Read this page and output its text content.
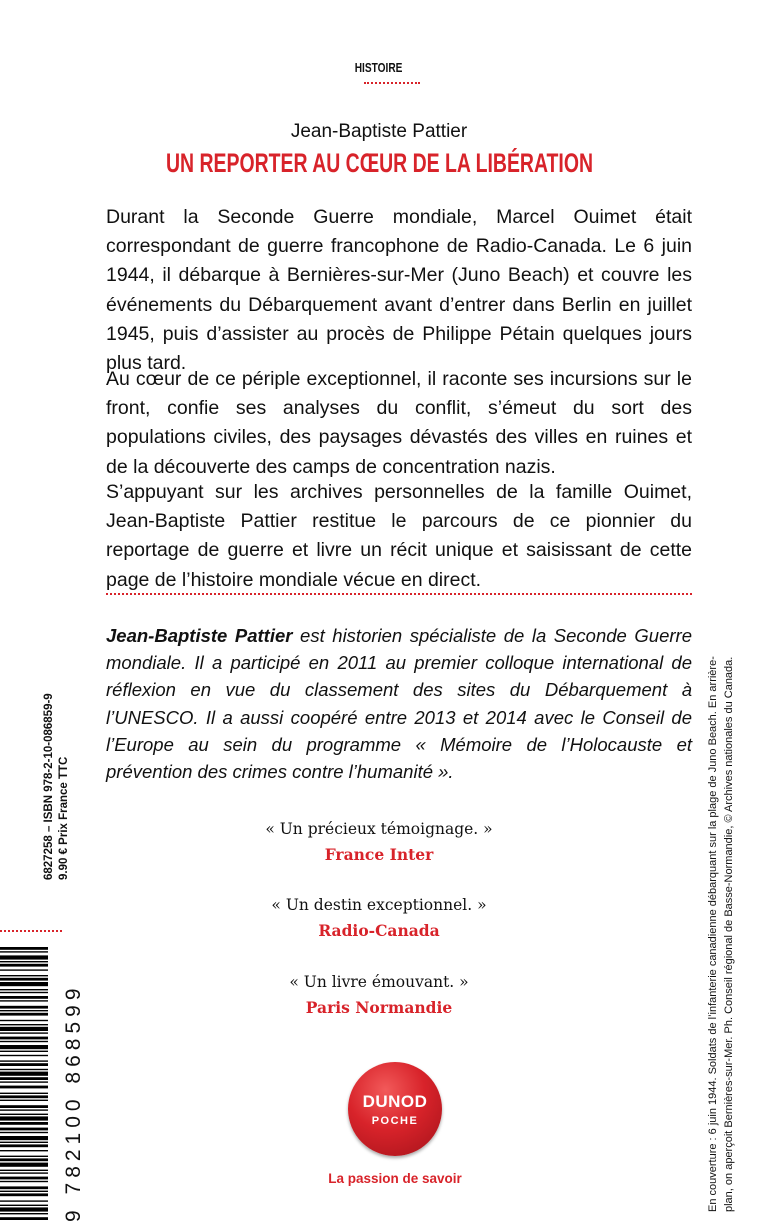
HISTOIRE
Jean-Baptiste Pattier
UN REPORTER AU CŒUR DE LA LIBÉRATION
Durant la Seconde Guerre mondiale, Marcel Ouimet était correspondant de guerre francophone de Radio-Canada. Le 6 juin 1944, il débarque à Bernières-sur-Mer (Juno Beach) et couvre les événements du Débarquement avant d’entrer dans Berlin en juillet 1945, puis d’assister au procès de Philippe Pétain quelques jours plus tard.
Au cœur de ce périple exceptionnel, il raconte ses incursions sur le front, confie ses analyses du conflit, s’émeut du sort des populations civiles, des paysages dévastés des villes en ruines et de la découverte des camps de concentration nazis.
S’appuyant sur les archives personnelles de la famille Ouimet, Jean-Baptiste Pattier restitue le parcours de ce pionnier du reportage de guerre et livre un récit unique et saisissant de cette page de l’histoire mondiale vécue en direct.
Jean-Baptiste Pattier est historien spécialiste de la Seconde Guerre mondiale. Il a participé en 2011 au premier colloque international de réflexion en vue du classement des sites du Débarquement à l’UNESCO. Il a aussi coopéré entre 2013 et 2014 avec le Conseil de l’Europe au sein du programme « Mémoire de l’Holocauste et prévention des crimes contre l’humanité ».
« Un précieux témoignage. »
France Inter
« Un destin exceptionnel. »
Radio-Canada
« Un livre émouvant. »
Paris Normandie
DUNOD
POCHE
La passion de savoir
6827258 – ISBN 978-2-10-086859-9 9.90 € Prix France TTC
9 782100 868599	En couverture : 6 juin 1944. Soldats de l’infanterie canadienne débarquant sur la plage de Juno Beach. En arrière- plan, on aperçoit Bernières-sur-Mer. Ph. Conseil régional de Basse-Normandie, © Archives nationales du Canada.
